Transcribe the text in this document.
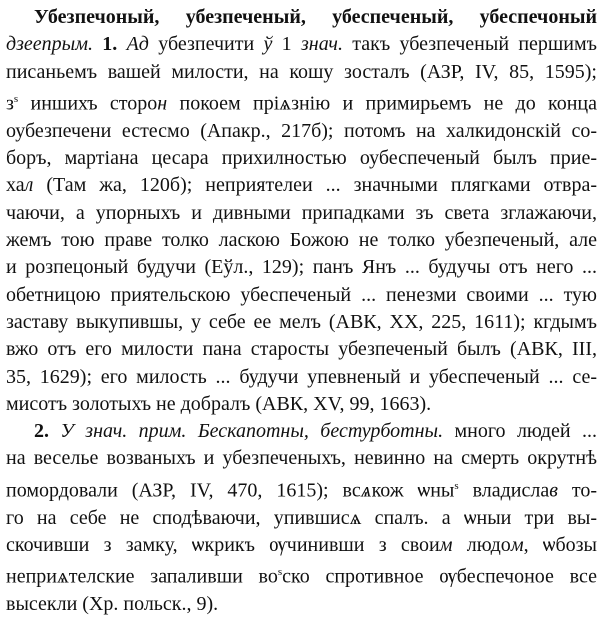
Убезпечоный, убезпеченый, убеспеченый, убеспечоный
дзеепрым. 1. Ад убезпечити ў 1 знач. такъ убезпеченый першимъ
писаньемъ вашей милости, на кошу зосталъ (АЗР, IV, 85, 1595);
$з^s$ иншихъ сторон покоем прiѧзнiю и примирьемъ не до конца
оубезпечени естесмо (Апакр., 217б); потомъ на халкидонскiй со-
боръ, мартiана цесара прихилностью оубеспеченый былъ прие-
хал (Там жа, 120б); неприятелеи ... значными плягками отвра-
чаючи, а упорныхъ и дивными припадками зъ света зглажаючи,
жемъ тою праве толко ласкою Божою не толко убезпеченый, але
и розпецоный будучи (Еўл., 129); панъ Янъ ... будучы отъ него ...
обетницою приятельскою убеспеченый ... пенезми своими ... тую
заставу выкупившы, у себе ее мелъ (АВК, XX, 225, 1611); кгдымъ
вжо отъ его милости пана старосты убезпеченый былъ (АВК, III,
35, 1629); его милость ... будучи упевненый и убеспеченый ... се-
мисотъ золотыхъ не добралъ (АВК, XV, 99, 1663).
2. У знач. прим. Бескапотны, бестурботны. много людей ...
на веселье возваныхъ и убезпеченыхъ, невинно на смерть окрутнѣ
помордовали (АЗР, IV, 470, 1615); всѧкож ѡны$^s$ владислав то-
го на себе не сподѣваючи, упившисѧ спалъ. а ѡныи три вы-
скочивши з замку, ѡкрикъ ѹчинивши з своим людом, ѡбозы
неприѧтелские запаливши $во^sско$ спротивное ѹбеспечоное все
высекли (Хр. польск., 9).
